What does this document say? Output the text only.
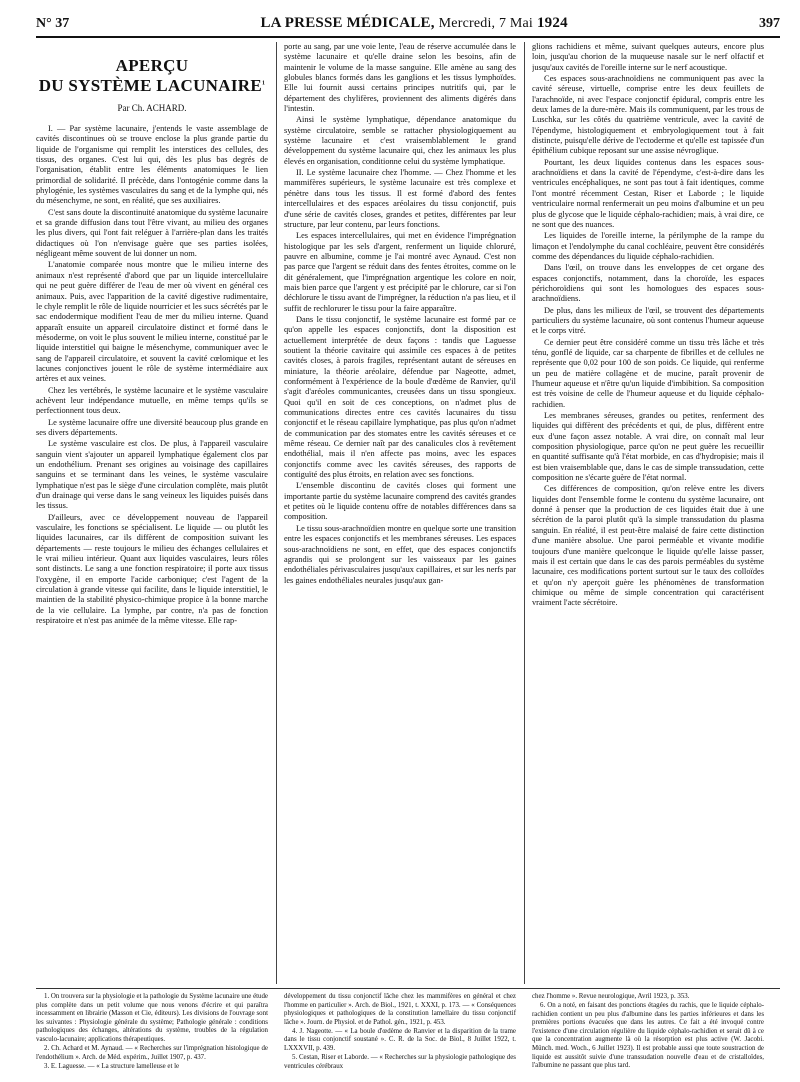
N° 37	LA PRESSE MÉDICALE, Mercredi, 7 Mai 1924	397
APERÇU
DU SYSTÈME LACUNAIRE$^1$
Par Ch. ACHARD.

I. — Par système lacunaire, j'entends le vaste assemblage de cavités discontinues où se trouve enclose la plus grande partie du liquide de l'organisme qui remplit les interstices des cellules, des tissus, des organes. C'est lui qui, dès les plus bas degrés de l'organisation, établit entre les éléments anatomiques le lien primordial de solidarité. Il précède, dans l'ontogénie comme dans la phylogénie, les systèmes vasculaires du sang et de la lymphe qui, nés du mésenchyme, ne sont, en réalité, que ses auxiliaires.

C'est sans doute la discontinuité anatomique du système lacunaire et sa grande diffusion dans tout l'être vivant, au milieu des organes les plus divers, qui l'ont fait reléguer à l'arrière-plan dans les traités didactiques où l'on n'envisage guère que ses parties isolées, négligeant même souvent de lui donner un nom.

L'anatomie comparée nous montre que le milieu interne des animaux n'est représenté d'abord que par un liquide intercellulaire qui ne peut guère différer de l'eau de mer où vivent en général ces animaux. Puis, avec l'apparition de la cavité digestive rudimentaire, le chyle remplit le rôle de liquide nourricier et les sucs sécrétés par le sac endodermique modifient l'eau de mer du milieu interne. Quand apparaît ensuite un appareil circulatoire distinct et formé dans le mésoderme, on voit le plus souvent le milieu interne, constitué par le liquide interstitiel qui baigne le mésenchyme, communiquer avec le sang de l'appareil circulatoire, et souvent la cavité cœlomique et les lacunes conjonctives jouent le rôle de système intermédiaire aux artères et aux veines.

Chez les vertébrés, le système lacunaire et le système vasculaire achèvent leur indépendance mutuelle, en même temps qu'ils se perfectionnent tous deux.

Le système lacunaire offre une diversité beaucoup plus grande en ses divers départements.

Le système vasculaire est clos. De plus, à l'appareil vasculaire sanguin vient s'ajouter un appareil lymphatique également clos par un endothélium. Prenant ses origines au voisinage des capillaires sanguins et se terminant dans les veines, le système vasculaire lymphatique n'est pas le siège d'une circulation complète, mais plutôt d'un drainage qui verse dans le sang veineux les liquides puisés dans les tissus.

D'ailleurs, avec ce développement nouveau de l'appareil vasculaire, les fonctions se spécialisent. Le liquide — ou plutôt les liquides lacunaires, car ils diffèrent de composition suivant les départements — reste toujours le milieu des échanges cellulaires et le vrai milieu intérieur. Quant aux liquides vasculaires, leurs rôles sont distincts. Le sang a une fonction respiratoire; il porte aux tissus l'oxygène, il en emporte l'acide carbonique; c'est l'agent de la circulation à grande vitesse qui facilite, dans le liquide interstitiel, le maintien de la stabilité physico-chimique propice à la bonne marche de la vie cellulaire. La lymphe, par contre, n'a pas de fonction respiratoire et n'est pas animée de la même vitesse. Elle rap-

porte au sang, par une voie lente, l'eau de réserve accumulée dans le système lacunaire et qu'elle draine selon les besoins, afin de maintenir le volume de la masse sanguine. Elle amène au sang des globules blancs formés dans les ganglions et les tissus lymphoïdes. Elle lui fournit aussi certains principes nutritifs qui, par le département des chylifères, proviennent des aliments digérés dans l'intestin.

Ainsi le système lymphatique, dépendance anatomique du système circulatoire, semble se rattacher physiologiquement au système lacunaire et c'est vraisemblablement le grand développement du système lacunaire qui, chez les animaux les plus élevés en organisation, conditionne celui du système lymphatique.

II. Le système lacunaire chez l'homme. — Chez l'homme et les mammifères supérieurs, le système lacunaire est très complexe et pénètre dans tous les tissus. Il est formé d'abord des fentes intercellulaires et des espaces aréolaires du tissu conjonctif, puis d'une série de cavités closes, grandes et petites, différentes par leur structure, par leur contenu, par leurs fonctions.

Les espaces intercellulaires, qui met en évidence l'imprégnation histologique par les sels d'argent, renferment un liquide chloruré, pauvre en albumine, comme je l'ai montré avec Aynaud. C'est non pas parce que l'argent se réduit dans des fentes étroites, comme on le dit généralement, que l'imprégnation argentique les colore en noir, mais bien parce que l'argent y est précipité par le chlorure, car si l'on déchlorure le tissu avant de l'imprégner, la réduction n'a pas lieu, et il suffit de rechlorurer le tissu pour la faire apparaître.

Dans le tissu conjonctif, le système lacunaire est formé par ce qu'on appelle les espaces conjonctifs, dont la disposition est actuellement interprétée de deux façons : tandis que Laguesse soutient la théorie cavitaire qui assimile ces espaces à de petites cavités closes, à parois fragiles, représentant autant de séreuses en miniature, la théorie aréolaire, défendue par Nageotte, admet, conformément à l'expérience de la boule d'œdème de Ranvier, qu'il s'agit d'aréoles communicantes, creusées dans un tissu spongieux. Quoi qu'il en soit de ces conceptions, on n'admet plus de communications directes entre ces cavités lacunaires du tissu conjonctif et le réseau capillaire lymphatique, pas plus qu'on n'admet de communication par des stomates entre les cavités séreuses et ce même réseau. Ce dernier naît par des canalicules clos à revêtement endothélial, mais il n'en affecte pas moins, avec les espaces conjonctifs comme avec les cavités séreuses, des rapports de contiguïté des plus étroits, en relation avec ses fonctions.

L'ensemble discontinu de cavités closes qui forment une importante partie du système lacunaire comprend des cavités grandes et petites où le liquide contenu offre de notables différences dans sa composition.

Le tissu sous-arachnoïdien montre en quelque sorte une transition entre les espaces conjonctifs et les membranes séreuses. Les espaces sous-arachnoïdiens ne sont, en effet, que des espaces conjonctifs agrandis qui se prolongent sur les vaisseaux par les gaines endothéliales périvasculaires jusqu'aux capillaires, et sur les nerfs par les gaines endothéliales neurales jusqu'aux gan-

glions rachidiens et même, suivant quelques auteurs, encore plus loin, jusqu'au chorion de la muqueuse nasale sur le nerf olfactif et jusqu'aux cavités de l'oreille interne sur le nerf acoustique.

Ces espaces sous-arachnoïdiens ne communiquent pas avec la cavité séreuse, virtuelle, comprise entre les deux feuillets de l'arachnoïde, ni avec l'espace conjonctif épidural, compris entre les deux lames de la dure-mère. Mais ils communiquent, par les trous de Luschka, sur les côtés du quatrième ventricule, avec la cavité de l'épendyme, histologiquement et embryologiquement tout à fait distincte, puisqu'elle dérive de l'ectoderme et qu'elle est tapissée d'un épithélium cubique reposant sur une assise névroglique.

Pourtant, les deux liquides contenus dans les espaces sous-arachnoïdiens et dans la cavité de l'épendyme, c'est-à-dire dans les ventricules encéphaliques, ne sont pas tout à fait identiques, comme l'ont montré récemment Cestan, Riser et Laborde ; le liquide ventriculaire normal renfermerait un peu moins d'albumine et un peu plus de glycose que le liquide céphalo-rachidien; mais, à vrai dire, ce ne sont que des nuances.

Les liquides de l'oreille interne, la périlymphe de la rampe du limaçon et l'endolymphe du canal cochléaire, peuvent être considérés comme des dépendances du liquide céphalo-rachidien.

Dans l'œil, on trouve dans les enveloppes de cet organe des espaces conjonctifs, notamment, dans la choroïde, les espaces périchoroïdiens qui sont les homologues des espaces sous-arachnoïdiens.

De plus, dans les milieux de l'œil, se trouvent des départements particuliers du système lacunaire, où sont contenus l'humeur aqueuse et le corps vitré.

Ce dernier peut être considéré comme un tissu très lâche et très ténu, gonflé de liquide, car sa charpente de fibrilles et de cellules ne représente que 0,02 pour 100 de son poids. Ce liquide, qui renferme un peu de matière collagène et de mucine, paraît provenir de l'humeur aqueuse et n'être qu'un liquide d'imbibition. Sa composition est très voisine de celle de l'humeur aqueuse et du liquide céphalo-rachidien.

Les membranes séreuses, grandes ou petites, renferment des liquides qui diffèrent des précédents et qui, de plus, diffèrent entre eux d'une façon assez notable. A vrai dire, on connaît mal leur composition physiologique, parce qu'on ne peut guère les recueillir en quantité suffisante qu'à l'état morbide, en cas d'hydropisie; mais il est bien vraisemblable que, dans le cas de simple transsudation, cette composition ne s'écarte guère de l'état normal.

Ces différences de composition, qu'on relève entre les divers liquides dont l'ensemble forme le contenu du système lacunaire, ont donné à penser que la production de ces liquides était due à une sécrétion de la paroi plutôt qu'à la simple transsudation du plasma sanguin. En réalité, il est peut-être malaisé de faire cette distinction d'une manière absolue. Une paroi perméable et vivante modifie toujours d'une manière quelconque le liquide qu'elle laisse passer, mais il est certain que dans le cas des parois perméables du système lacunaire, ces modifications portent surtout sur le taux des colloïdes et qu'on n'y aperçoit guère les phénomènes de transformation chimique ou même de simple concentration qui caractérisent vraiment l'acte sécrétoire.

1. On trouvera sur la physiologie et la pathologie du Système lacunaire une étude plus complète dans un petit volume que nous venons d'écrire et qui paraîtra incessamment en librairie (Masson et Cie, éditeurs). Les divisions de l'ouvrage sont les suivantes : Physiologie générale du système; Pathologie générale : conditions pathologiques des échanges, altérations du système, troubles de la régulation vasculo-lacunaire; applications thérapeutiques.

2. Ch. Achard et M. Aynaud. — « Recherches sur l'imprégnation histologique de l'endothélium ». Arch. de Méd. expérim., Juillet 1907, p. 437.

3. E. Laguesse. — « La structure lamelleuse et le

développement du tissu conjonctif lâche chez les mammifères en général et chez l'homme en particulier ». Arch. de Biol., 1921, t. XXXI, p. 173. — « Conséquences physiologiques et pathologiques de la constitution lamellaire du tissu conjonctif lâche ». Journ. de Physiol. et de Pathol. gén., 1921, p. 453.

4. J. Nageotte. — « La boule d'œdème de Ranvier et la disparition de la trame dans le tissu conjonctif soustané ». C. R. de la Soc. de Biol., 8 Juillet 1922, t. LXXXVII, p. 439.

5. Cestan, Riser et Laborde. — « Recherches sur la physiologie pathologique des ventricules cérébraux

chez l'homme ». Revue neurologique, Avril 1923, p. 353.

6. On a noté, en faisant des ponctions étagées du rachis, que le liquide céphalo-rachidien contient un peu plus d'albumine dans les parties inférieures et dans les premières portions évacuées que dans les autres. Ce fait a été invoqué contre l'existence d'une circulation régulière du liquide céphalo-rachidien et serait dû à ce que la concentration augmente là où la résorption est plus active (W. Jacobi. Münch. med. Woch., 6 Juillet 1923). Il est probable aussi que toute soustraction de liquide est aussitôt suivie d'une transsudation nouvelle d'eau et de cristalloïdes, l'albumine ne passant que plus tard.
